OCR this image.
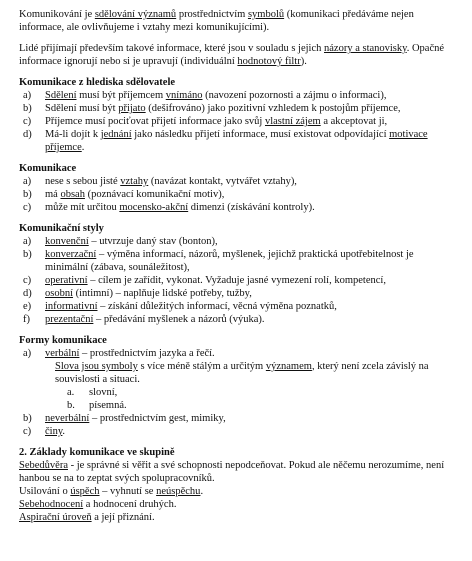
Komunikování je sdělování významů prostřednictvím symbolů (komunikaci předáváme nejen informace, ale ovlivňujeme i vztahy mezi komunikujícími).

Lidé přijímají především takové informace, které jsou v souladu s jejich názory a stanovisky. Opačné informace ignorují nebo si je upravují (individuální hodnotový filtr).

Komunikace z hlediska sdělovatele
a)	Sdělení musí být příjemcem vnímáno (navození pozornosti a zájmu o informaci),
b)	Sdělení musí být přijato (dešifrováno) jako pozitivní vzhledem k postojům příjemce,
c)	Příjemce musí pociťovat přijetí informace jako svůj vlastní zájem a akceptovat ji,
d)	Má-li dojít k jednání jako následku přijetí informace, musí existovat odpovídající motivace příjemce.
Komunikace
a)	nese s sebou jisté vztahy (navázat kontakt, vytvářet vztahy),
b)	má obsah (poznávací komunikační motiv),
c)	může mít určitou mocensko-akční dimenzi (získávání kontroly).
Komunikační styly
a)	konvenční – utvrzuje daný stav (bonton),
b)	konverzační – výměna informací, názorů, myšlenek, jejichž praktická upotřebitelnost je minimální (zábava, sounáležitost),
c)	operativní – cílem je zařídit, vykonat. Vyžaduje jasné vymezení rolí, kompetencí,
d)	osobní (intimní) – naplňuje lidské potřeby, tužby,
e)	informativní – získání důležitých informací, věcná výměna poznatků,
f)	prezentační – předávání myšlenek a názorů (výuka).
Formy komunikace
a)	verbální – prostřednictvím jazyka a řečí.

Slova jsou symboly s více méně stálým a určitým významem, který není zcela závislý na souvislosti a situaci.

a.	slovní,
b.	písemná.
b)	neverbální – prostřednictvím gest, mimiky,
c)	činy.
2. Základy komunikace ve skupině

Sebedůvěra - je správné si věřit a své schopnosti nepodceňovat. Pokud ale něčemu nerozumíme, není hanbou se na to zeptat svých spolupracovníků.

Usilování o úspěch – vyhnutí se neúspěchu.

Sebehodnocení a hodnocení druhých.

Aspirační úroveň a její přiznání.
